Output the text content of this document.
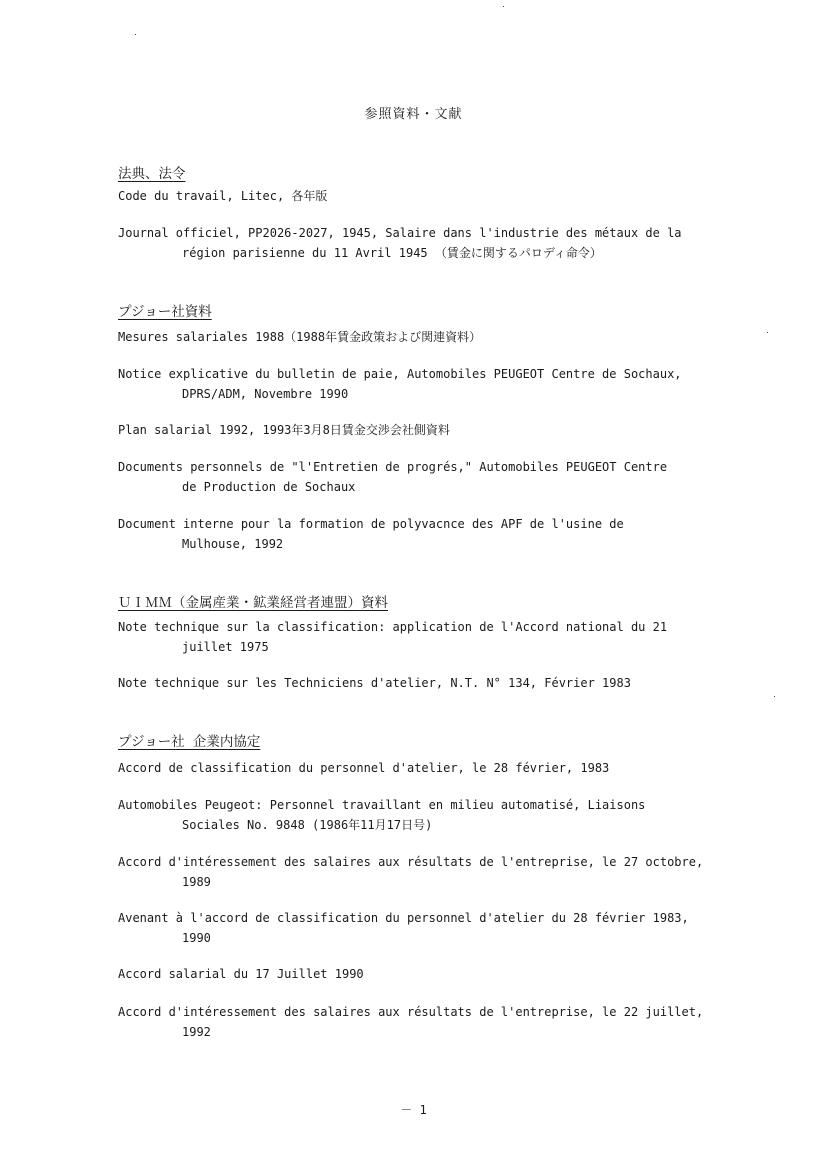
参照資料・文献
法典、法令
Code du travail, Litec, 各年版
Journal officiel, PP2026-2027, 1945, Salaire dans l'industrie des métaux de la
région parisienne du 11 Avril 1945 （賃金に関するパロディ命令）
プジョー社資料
Mesures salariales 1988（1988年賃金政策および関連資料）
Notice explicative du bulletin de paie, Automobiles PEUGEOT Centre de Sochaux,
DPRS/ADM, Novembre 1990
Plan salarial 1992, 1993年3月8日賃金交渉会社側資料
Documents personnels de "l'Entretien de progrés," Automobiles PEUGEOT Centre
de Production de Sochaux
Document interne pour la formation de polyvacnce des APF de l'usine de
Mulhouse, 1992
ＵＩＭＭ（金属産業・鉱業経営者連盟）資料
Note technique sur la classification: application de l'Accord national du 21
juillet 1975
Note technique sur les Techniciens d'atelier, N.T. N° 134, Février 1983
プジョー社 企業内協定
Accord de classification du personnel d'atelier, le 28 février, 1983
Automobiles Peugeot: Personnel travaillant en milieu automatisé, Liaisons
Sociales No. 9848 (1986年11月17日号)
Accord d'intéressement des salaires aux résultats de l'entreprise, le 27 octobre,
1989
Avenant à l'accord de classification du personnel d'atelier du 28 février 1983,
1990
Accord salarial du 17 Juillet 1990
Accord d'intéressement des salaires aux résultats de l'entreprise, le 22 juillet,
1992
－ 1
